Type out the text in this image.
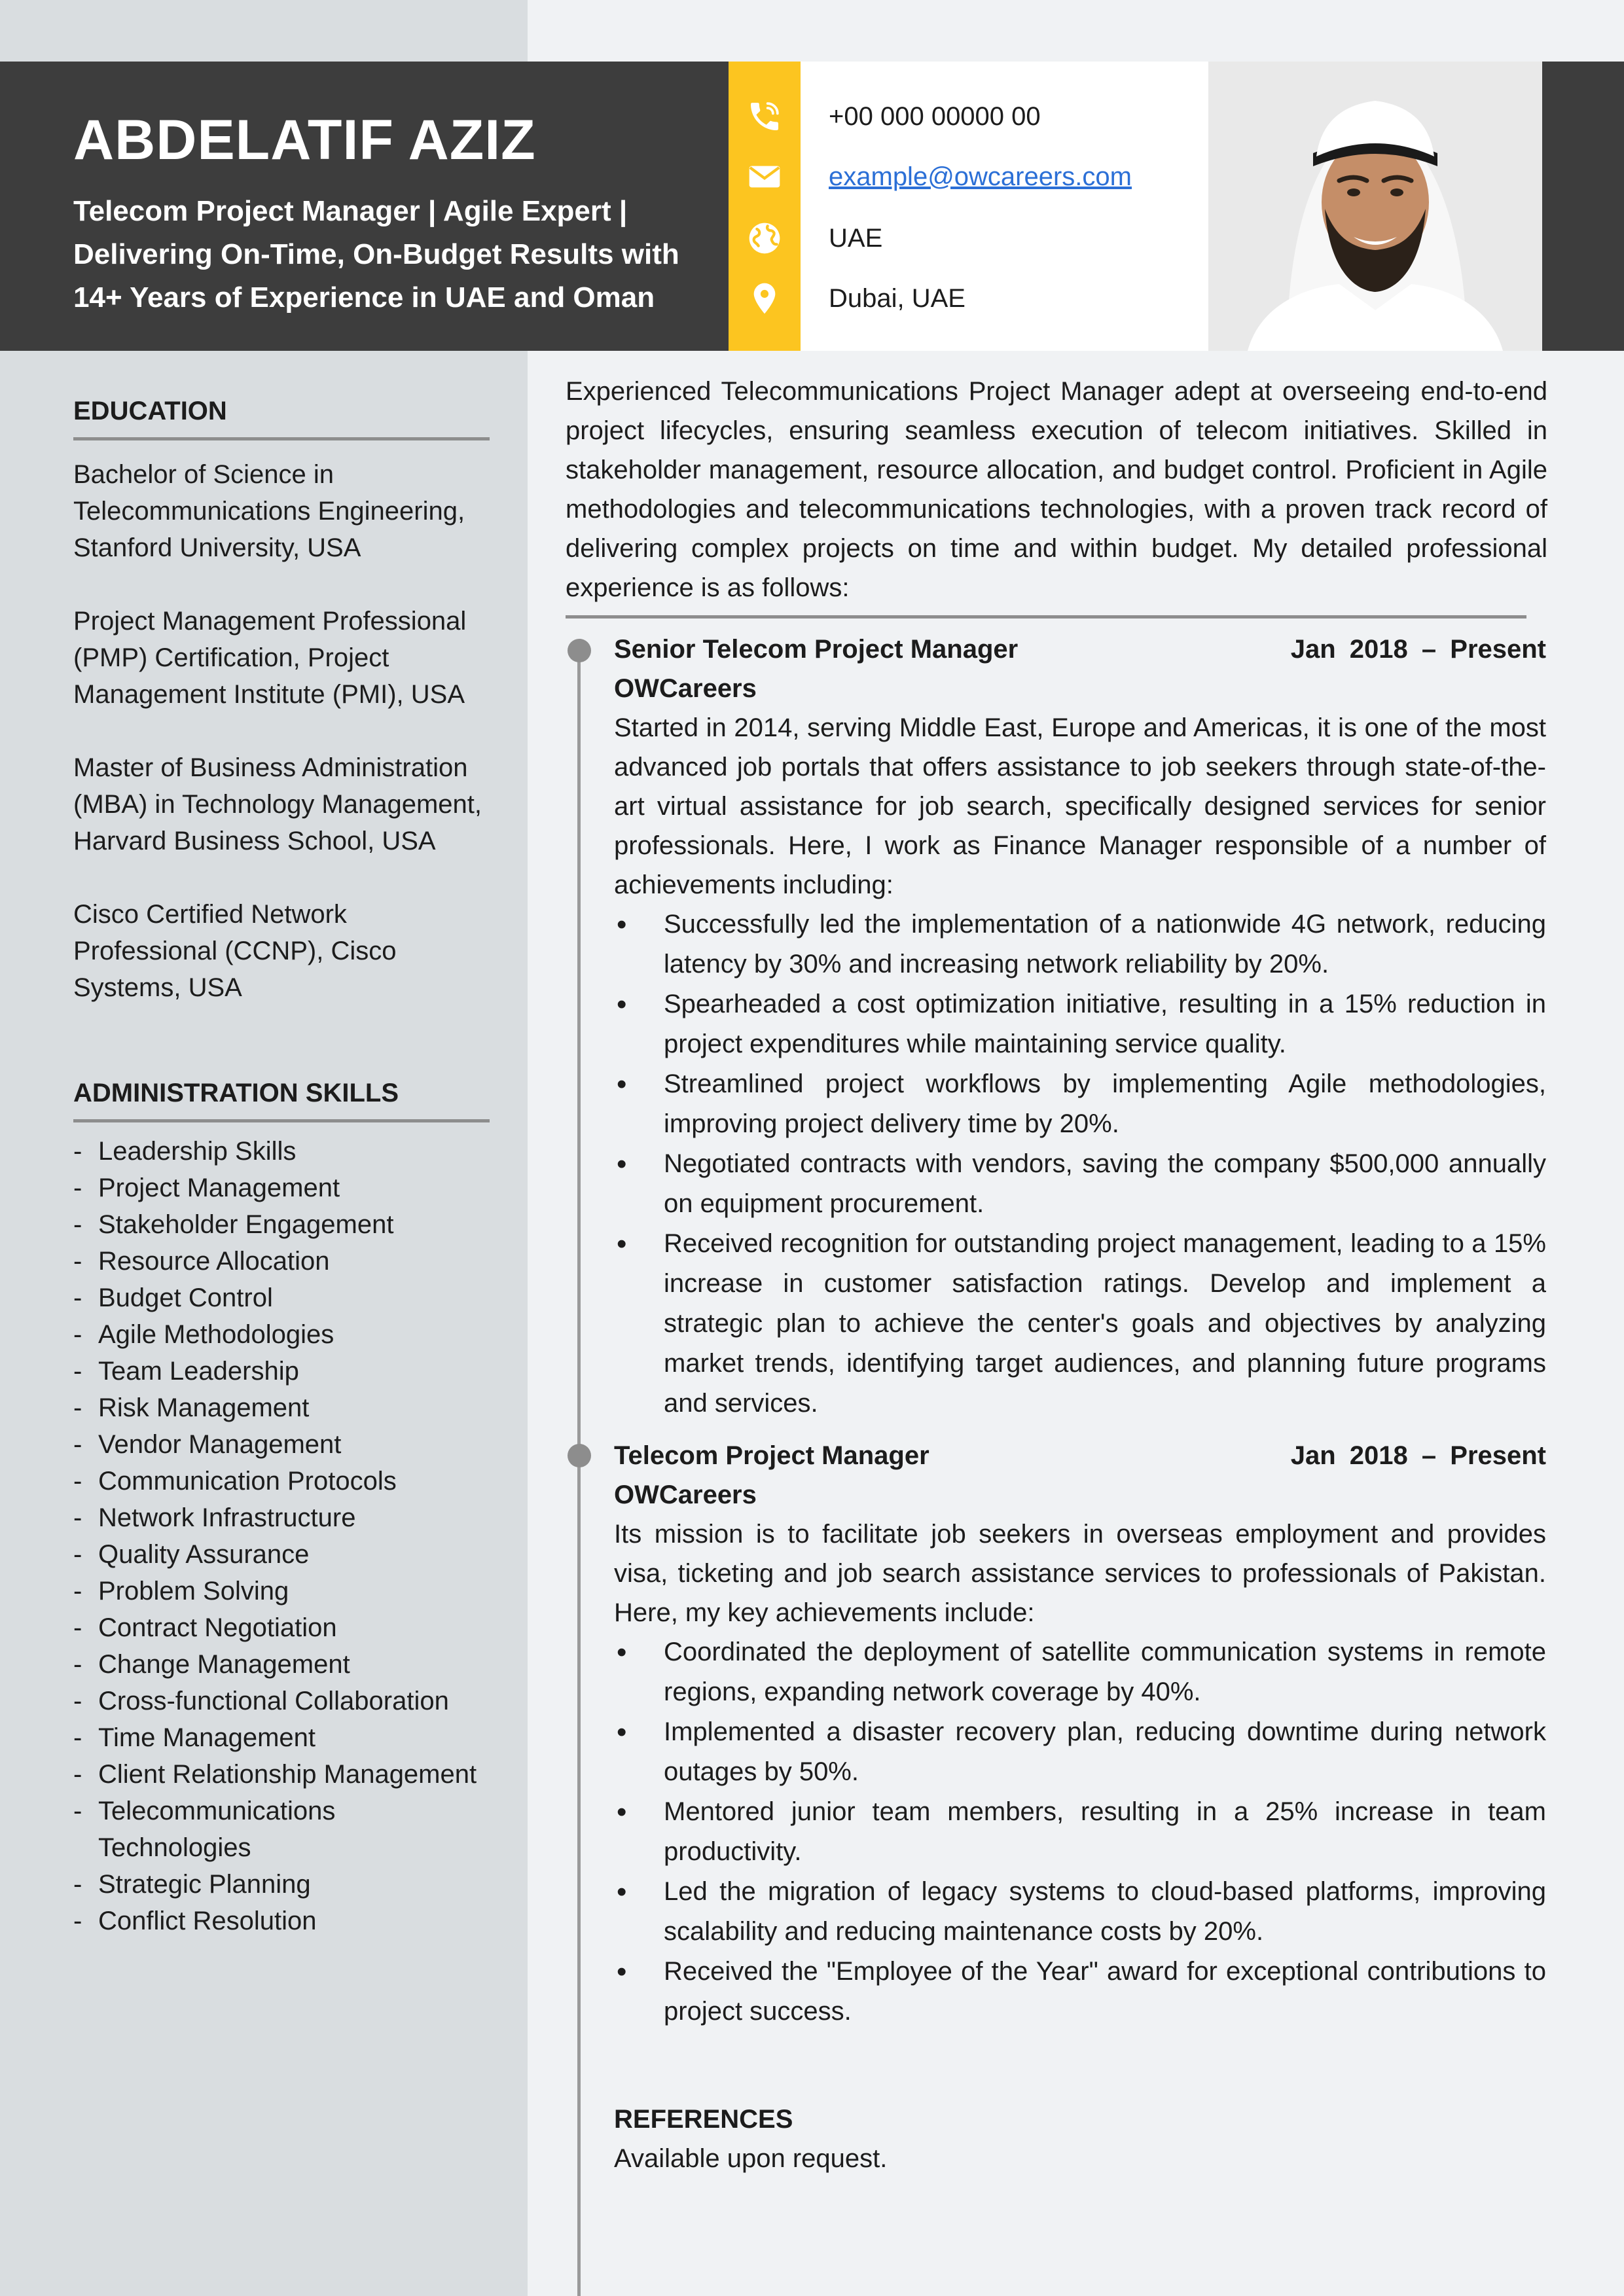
ABDELATIF AZIZ
Telecom Project Manager | Agile Expert | Delivering On-Time, On-Budget Results with 14+ Years of Experience in UAE and Oman
+00 000 00000 00
example@owcareers.com
UAE
Dubai, UAE
EDUCATION
Bachelor of Science in Telecommunications Engineering, Stanford University, USA
Project Management Professional (PMP) Certification, Project Management Institute (PMI), USA
Master of Business Administration (MBA) in Technology Management, Harvard Business School, USA
Cisco Certified Network Professional (CCNP), Cisco Systems, USA
ADMINISTRATION SKILLS
- Leadership Skills
- Project Management
- Stakeholder Engagement
- Resource Allocation
- Budget Control
- Agile Methodologies
- Team Leadership
- Risk Management
- Vendor Management
- Communication Protocols
- Network Infrastructure
- Quality Assurance
- Problem Solving
- Contract Negotiation
- Change Management
- Cross-functional Collaboration
- Time Management
- Client Relationship Management
- Telecommunications Technologies
- Strategic Planning
- Conflict Resolution
Experienced Telecommunications Project Manager adept at overseeing end-to-end project lifecycles, ensuring seamless execution of telecom initiatives. Skilled in stakeholder management, resource allocation, and budget control. Proficient in Agile methodologies and telecommunications technologies, with a proven track record of delivering complex projects on time and within budget. My detailed professional experience is as follows:
Senior Telecom Project Manager	Jan 2018 – Present
OWCareers
Started in 2014, serving Middle East, Europe and Americas, it is one of the most advanced job portals that offers assistance to job seekers through state-of-the-art virtual assistance for job search, specifically designed services for senior professionals. Here, I work as Finance Manager responsible of a number of achievements including:
• Successfully led the implementation of a nationwide 4G network, reducing latency by 30% and increasing network reliability by 20%.
• Spearheaded a cost optimization initiative, resulting in a 15% reduction in project expenditures while maintaining service quality.
• Streamlined project workflows by implementing Agile methodologies, improving project delivery time by 20%.
• Negotiated contracts with vendors, saving the company $500,000 annually on equipment procurement.
• Received recognition for outstanding project management, leading to a 15% increase in customer satisfaction ratings. Develop and implement a strategic plan to achieve the center's goals and objectives by analyzing market trends, identifying target audiences, and planning future programs and services.
Telecom Project Manager	Jan 2018 – Present
OWCareers
Its mission is to facilitate job seekers in overseas employment and provides visa, ticketing and job search assistance services to professionals of Pakistan. Here, my key achievements include:
• Coordinated the deployment of satellite communication systems in remote regions, expanding network coverage by 40%.
• Implemented a disaster recovery plan, reducing downtime during network outages by 50%.
• Mentored junior team members, resulting in a 25% increase in team productivity.
• Led the migration of legacy systems to cloud-based platforms, improving scalability and reducing maintenance costs by 20%.
• Received the "Employee of the Year" award for exceptional contributions to project success.
REFERENCES
Available upon request.
